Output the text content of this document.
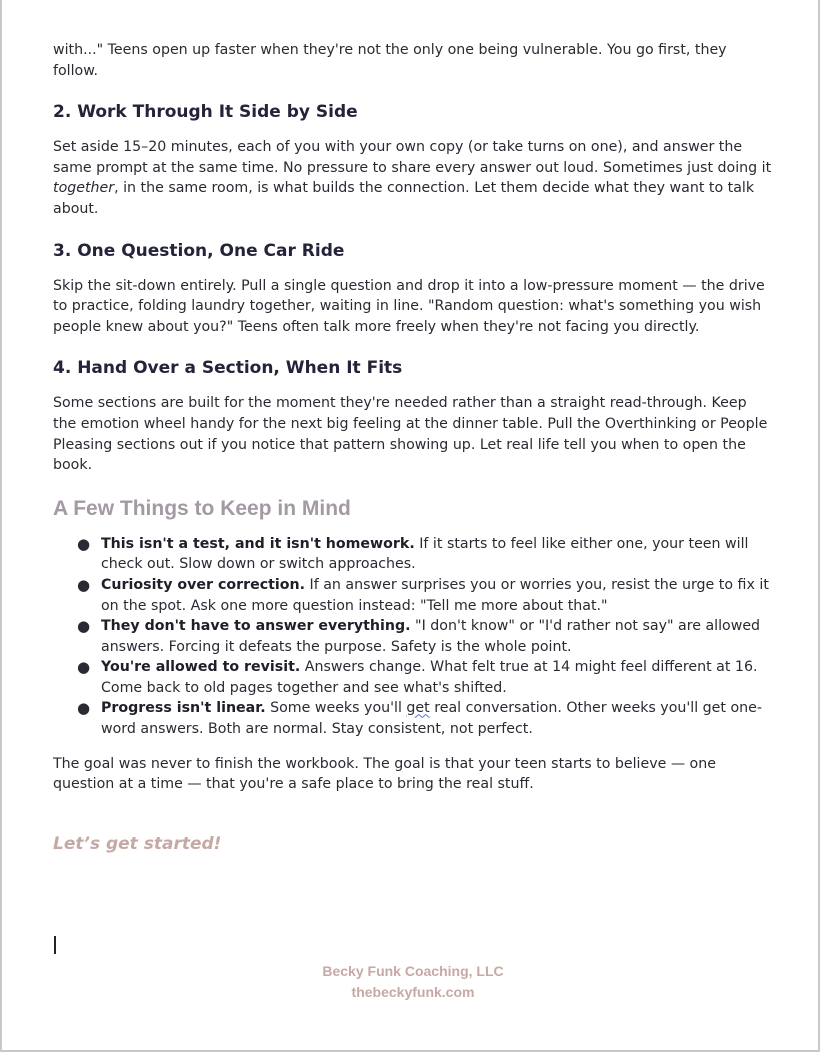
with..." Teens open up faster when they're not the only one being vulnerable. You go first, they follow.

2. Work Through It Side by Side

Set aside 15–20 minutes, each of you with your own copy (or take turns on one), and answer the same prompt at the same time. No pressure to share every answer out loud. Sometimes just doing it together, in the same room, is what builds the connection. Let them decide what they want to talk about.

3. One Question, One Car Ride

Skip the sit-down entirely. Pull a single question and drop it into a low-pressure moment — the drive to practice, folding laundry together, waiting in line. "Random question: what's something you wish people knew about you?" Teens often talk more freely when they're not facing you directly.

4. Hand Over a Section, When It Fits

Some sections are built for the moment they're needed rather than a straight read-through. Keep the emotion wheel handy for the next big feeling at the dinner table. Pull the Overthinking or People Pleasing sections out if you notice that pattern showing up. Let real life tell you when to open the book.

A Few Things to Keep in Mind
● This isn't a test, and it isn't homework. If it starts to feel like either one, your teen will check out. Slow down or switch approaches.
● Curiosity over correction. If an answer surprises you or worries you, resist the urge to fix it on the spot. Ask one more question instead: "Tell me more about that."
● They don't have to answer everything. "I don't know" or "I'd rather not say" are allowed answers. Forcing it defeats the purpose. Safety is the whole point.
● You're allowed to revisit. Answers change. What felt true at 14 might feel different at 16. Come back to old pages together and see what's shifted.
● Progress isn't linear. Some weeks you'll get real conversation. Other weeks you'll get one-word answers. Both are normal. Stay consistent, not perfect.

The goal was never to finish the workbook. The goal is that your teen starts to believe — one question at a time — that you're a safe place to bring the real stuff.

Let’s get started!

Becky Funk Coaching, LLC
thebeckyfunk.com
